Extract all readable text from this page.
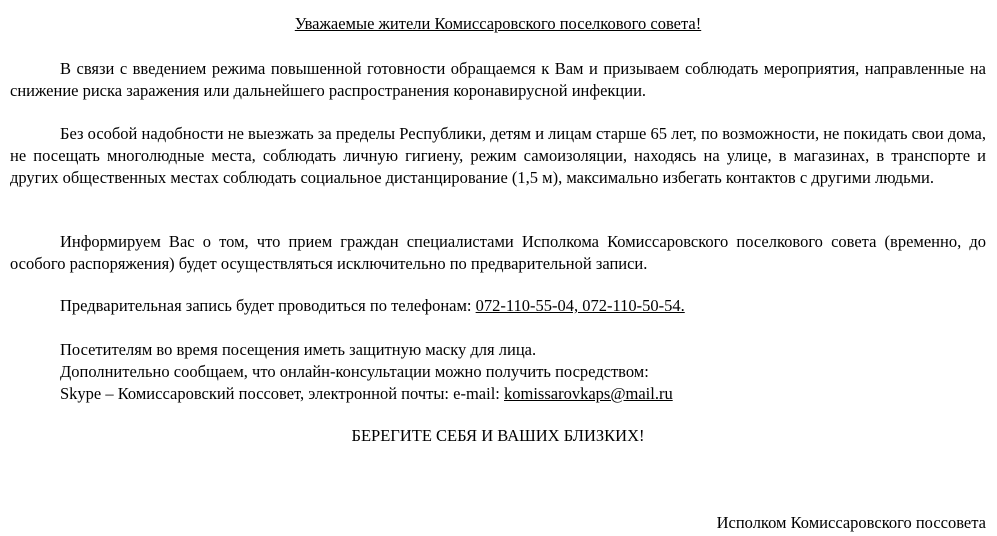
Уважаемые жители Комиссаровского поселкового совета!

В связи с введением режима повышенной готовности обращаемся к Вам и призываем соблюдать мероприятия, направленные на снижение риска заражения или дальнейшего распространения коронавирусной инфекции.

Без особой надобности не выезжать за пределы Республики, детям и лицам старше 65 лет, по возможности, не покидать свои дома, не посещать многолюдные места, соблюдать личную гигиену, режим самоизоляции, находясь на улице, в магазинах, в транспорте и других общественных местах соблюдать социальное дистанцирование (1,5 м), максимально избегать контактов с другими людьми.

Информируем Вас о том, что прием граждан специалистами Исполкома Комиссаровского поселкового совета (временно, до особого распоряжения) будет осуществляться исключительно по предварительной записи.

Предварительная запись будет проводиться по телефонам: 072-110-55-04, 072-110-50-54.

Посетителям во время посещения иметь защитную маску для лица.
Дополнительно сообщаем, что онлайн-консультации можно получить посредством:
Skype – Комиссаровский поссовет, электронной почты: e-mail: komissarovkaps@mail.ru
БЕРЕГИТЕ СЕБЯ И ВАШИХ БЛИЗКИХ!
Исполком Комиссаровского поссовета
